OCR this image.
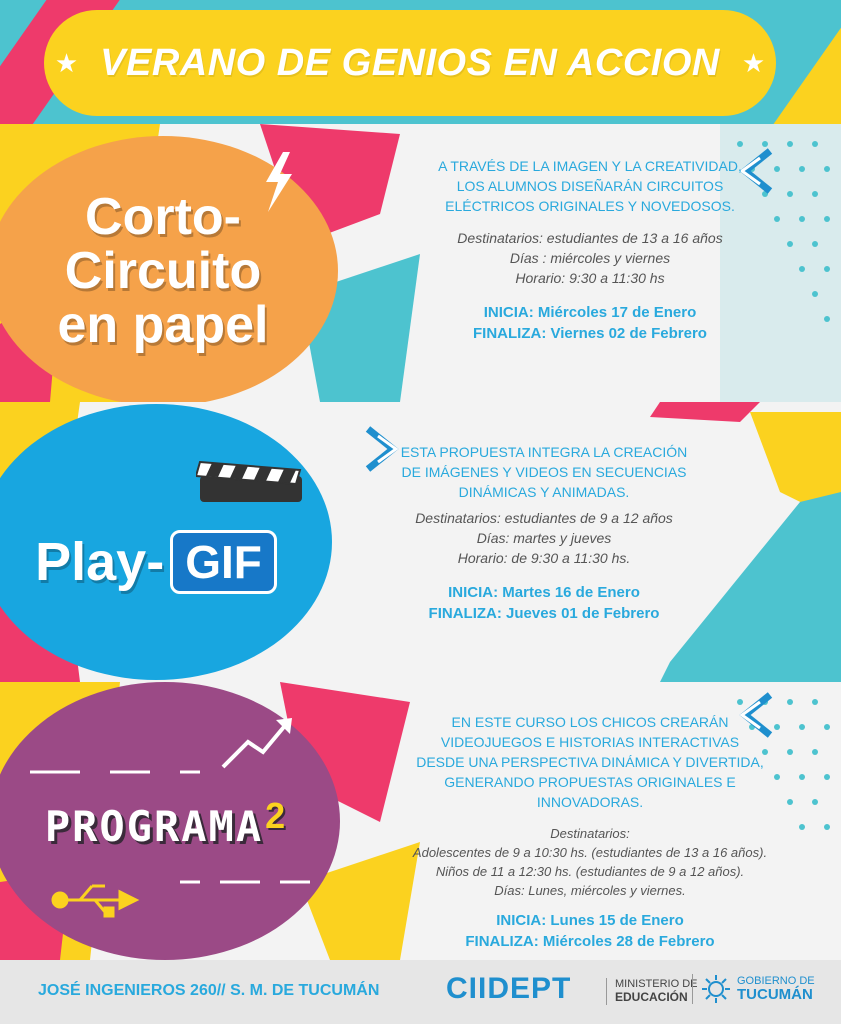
★ VERANO DE GENIOS EN ACCION ★
Corto-
Circuito
en papel
A TRAVÉS DE LA IMAGEN Y LA CREATIVIDAD,
LOS ALUMNOS DISEÑARÁN CIRCUITOS
ELÉCTRICOS ORIGINALES Y NOVEDOSOS.
Destinatarios: estudiantes de 13 a 16 años
Días : miércoles y viernes
Horario: 9:30 a 11:30 hs
INICIA: Miércoles 17 de Enero
FINALIZA: Viernes 02 de Febrero
Play- GIF
ESTA PROPUESTA INTEGRA LA CREACIÓN
DE IMÁGENES Y VIDEOS EN SECUENCIAS
DINÁMICAS Y ANIMADAS.
Destinatarios: estudiantes de 9 a 12 años
Días: martes y jueves
Horario: de 9:30 a 11:30 hs.
INICIA: Martes 16 de Enero
FINALIZA: Jueves 01 de Febrero
PROGRAMA 2
EN ESTE CURSO LOS CHICOS CREARÁN
VIDEOJUEGOS E HISTORIAS INTERACTIVAS
DESDE UNA PERSPECTIVA DINÁMICA Y DIVERTIDA,
GENERANDO PROPUESTAS ORIGINALES E INNOVADORAS.
Destinatarios:
Adolescentes de 9 a 10:30 hs. (estudiantes de 13 a 16 años).
Niños de 11 a 12:30 hs. (estudiantes de 9 a 12 años).
Días: Lunes, miércoles y viernes.
INICIA: Lunes 15 de Enero
FINALIZA: Miércoles 28 de Febrero
JOSÉ INGENIEROS 260// S. M. DE TUCUMÁN CIIDEPT	MINISTERIO DE
EDUCACIÓN
GOBIERNO DE
TUCUMÁN
